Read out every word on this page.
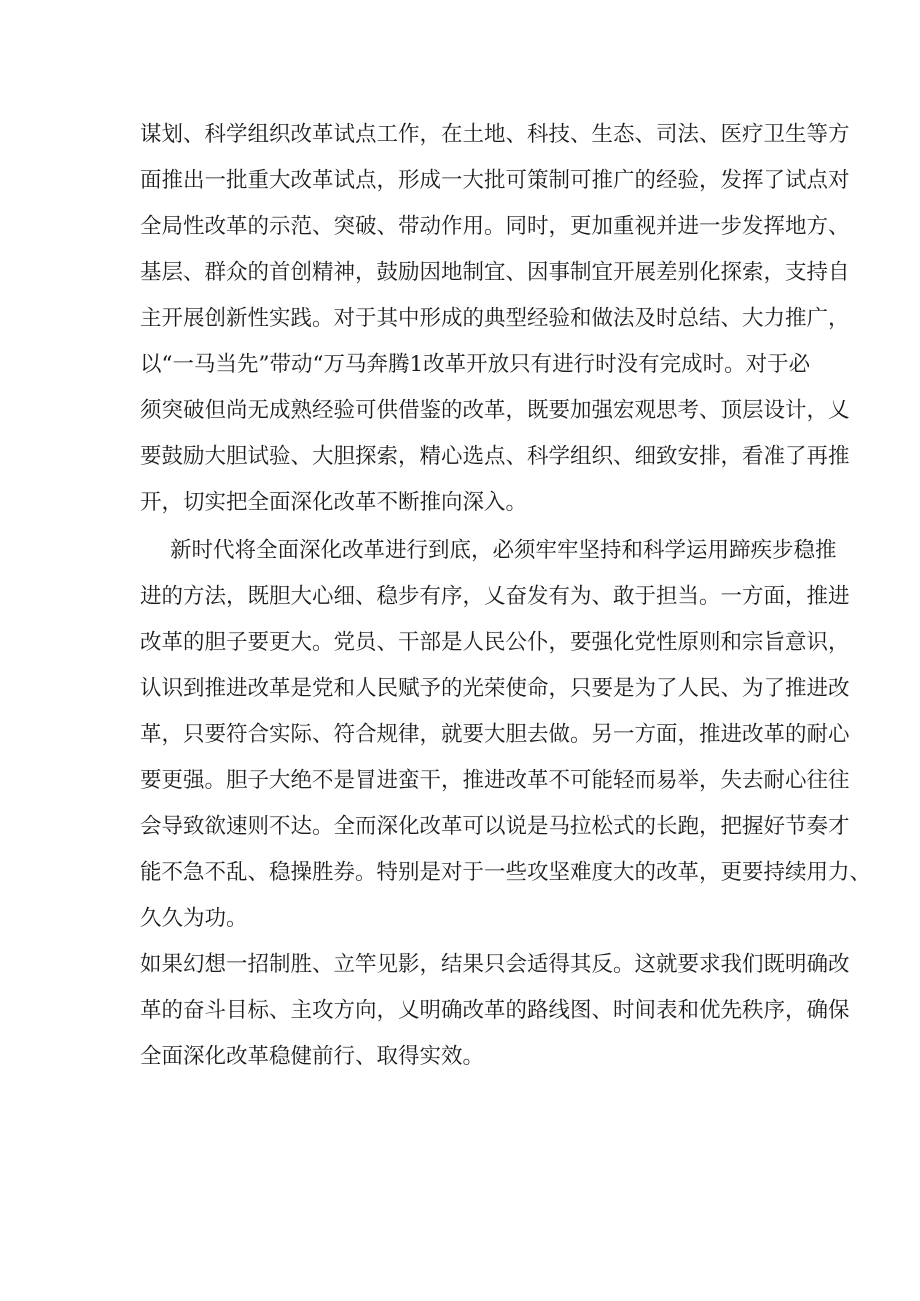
谋划、科学组织改革试点工作，在土地、科技、生态、司法、医疗卫生等方
面推出一批重大改革试点，形成一大批可策制可推广的经验，发挥了试点对
全局性改革的示范、突破、带动作用。同时，更加重视并进一步发挥地方、
基层、群众的首创精神，鼓励因地制宜、因事制宜开展差别化探索，支持自
主开展创新性实践。对于其中形成的典型经验和做法及时总结、大力推广，
以“一马当先”带动“万马奔腾1改革开放只有进行时没有完成时。对于必
须突破但尚无成熟经验可供借鉴的改革，既要加强宏观思考、顶层设计，乂
要鼓励大胆试验、大胆探索，精心选点、科学组织、细致安排，看准了再推
开，切实把全面深化改革不断推向深入。
新时代将全面深化改革进行到底，必须牢牢坚持和科学运用蹄疾步稳推
进的方法，既胆大心细、稳步有序，乂奋发有为、敢于担当。一方面，推进
改革的胆子要更大。党员、干部是人民公仆，要强化党性原则和宗旨意识，
认识到推进改革是党和人民赋予的光荣使命，只要是为了人民、为了推进改
革，只要符合实际、符合规律，就要大胆去做。另一方面，推进改革的耐心
要更强。胆子大绝不是冒进蛮干，推进改革不可能轻而易举，失去耐心往往
会导致欲速则不达。全而深化改革可以说是马拉松式的长跑，把握好节奏才
能不急不乱、稳操胜券。特别是对于一些攻坚难度大的改革，更要持续用力、
久久为功。
如果幻想一招制胜、立竿见影，结果只会适得其反。这就要求我们既明确改
革的奋斗目标、主攻方向，乂明确改革的路线图、时间表和优先秩序，确保
全面深化改革稳健前行、取得实效。
